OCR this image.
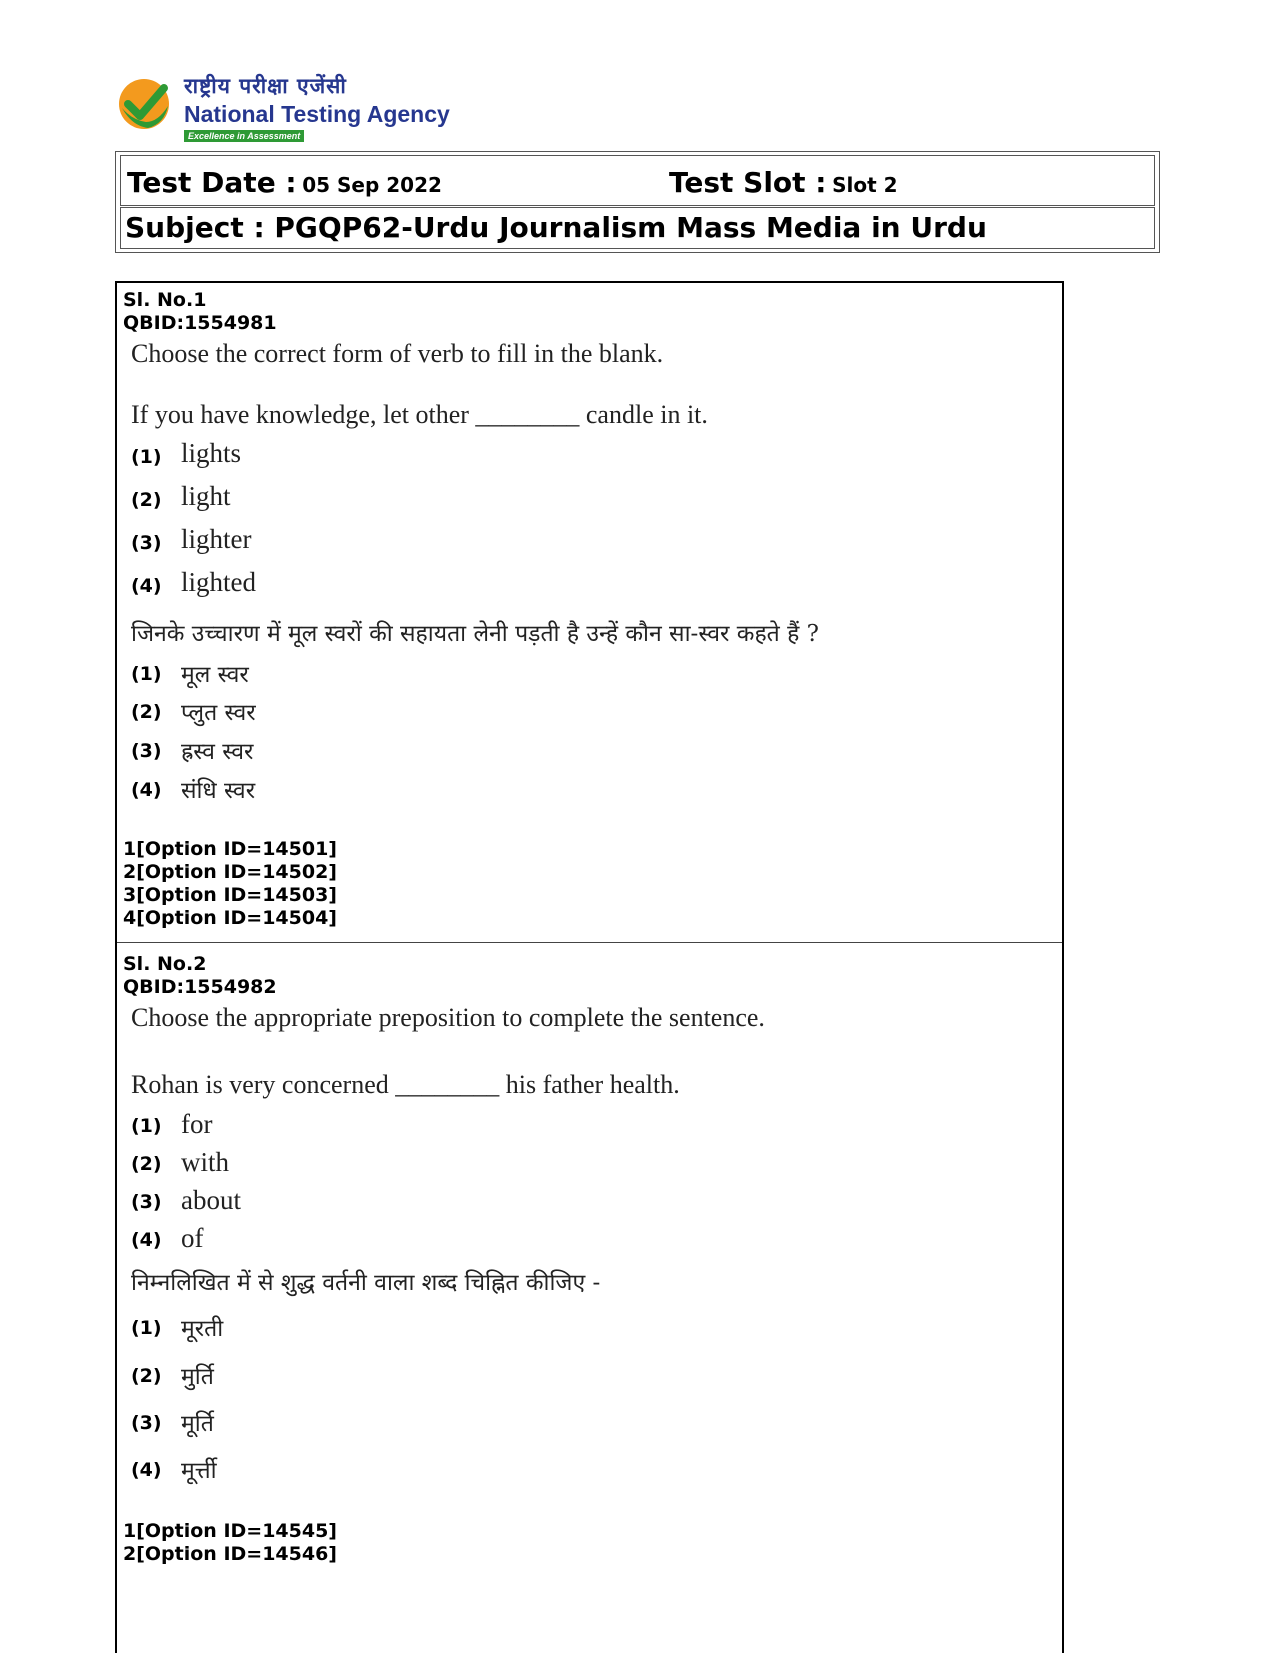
राष्ट्रीय परीक्षा एजेंसी
National Testing Agency
Excellence in Assessment
Test Date : 05 Sep 2022	Test Slot : Slot 2
Subject : PGQP62-Urdu Journalism Mass Media in Urdu
Sl. No.1
QBID:1554981
Choose the correct form of verb to fill in the blank.
If you have knowledge, let other ________ candle in it.
(1) lights
(2) light
(3) lighter
(4) lighted
जिनके उच्चारण में मूल स्वरों की सहायता लेनी पड़ती है उन्हें कौन सा-स्वर कहते हैं ?
(1) मूल स्वर
(2) प्लुत स्वर
(3) ह्रस्व स्वर
(4) संधि स्वर
1[Option ID=14501]
2[Option ID=14502]
3[Option ID=14503]
4[Option ID=14504]
Sl. No.2
QBID:1554982
Choose the appropriate preposition to complete the sentence.
Rohan is very concerned ________ his father health.
(1) for
(2) with
(3) about
(4) of
निम्नलिखित में से शुद्ध वर्तनी वाला शब्द चिह्नित कीजिए -
(1) मूरती
(2) मुर्ति
(3) मूर्ति
(4) मूर्त्ती
1[Option ID=14545]
2[Option ID=14546]
